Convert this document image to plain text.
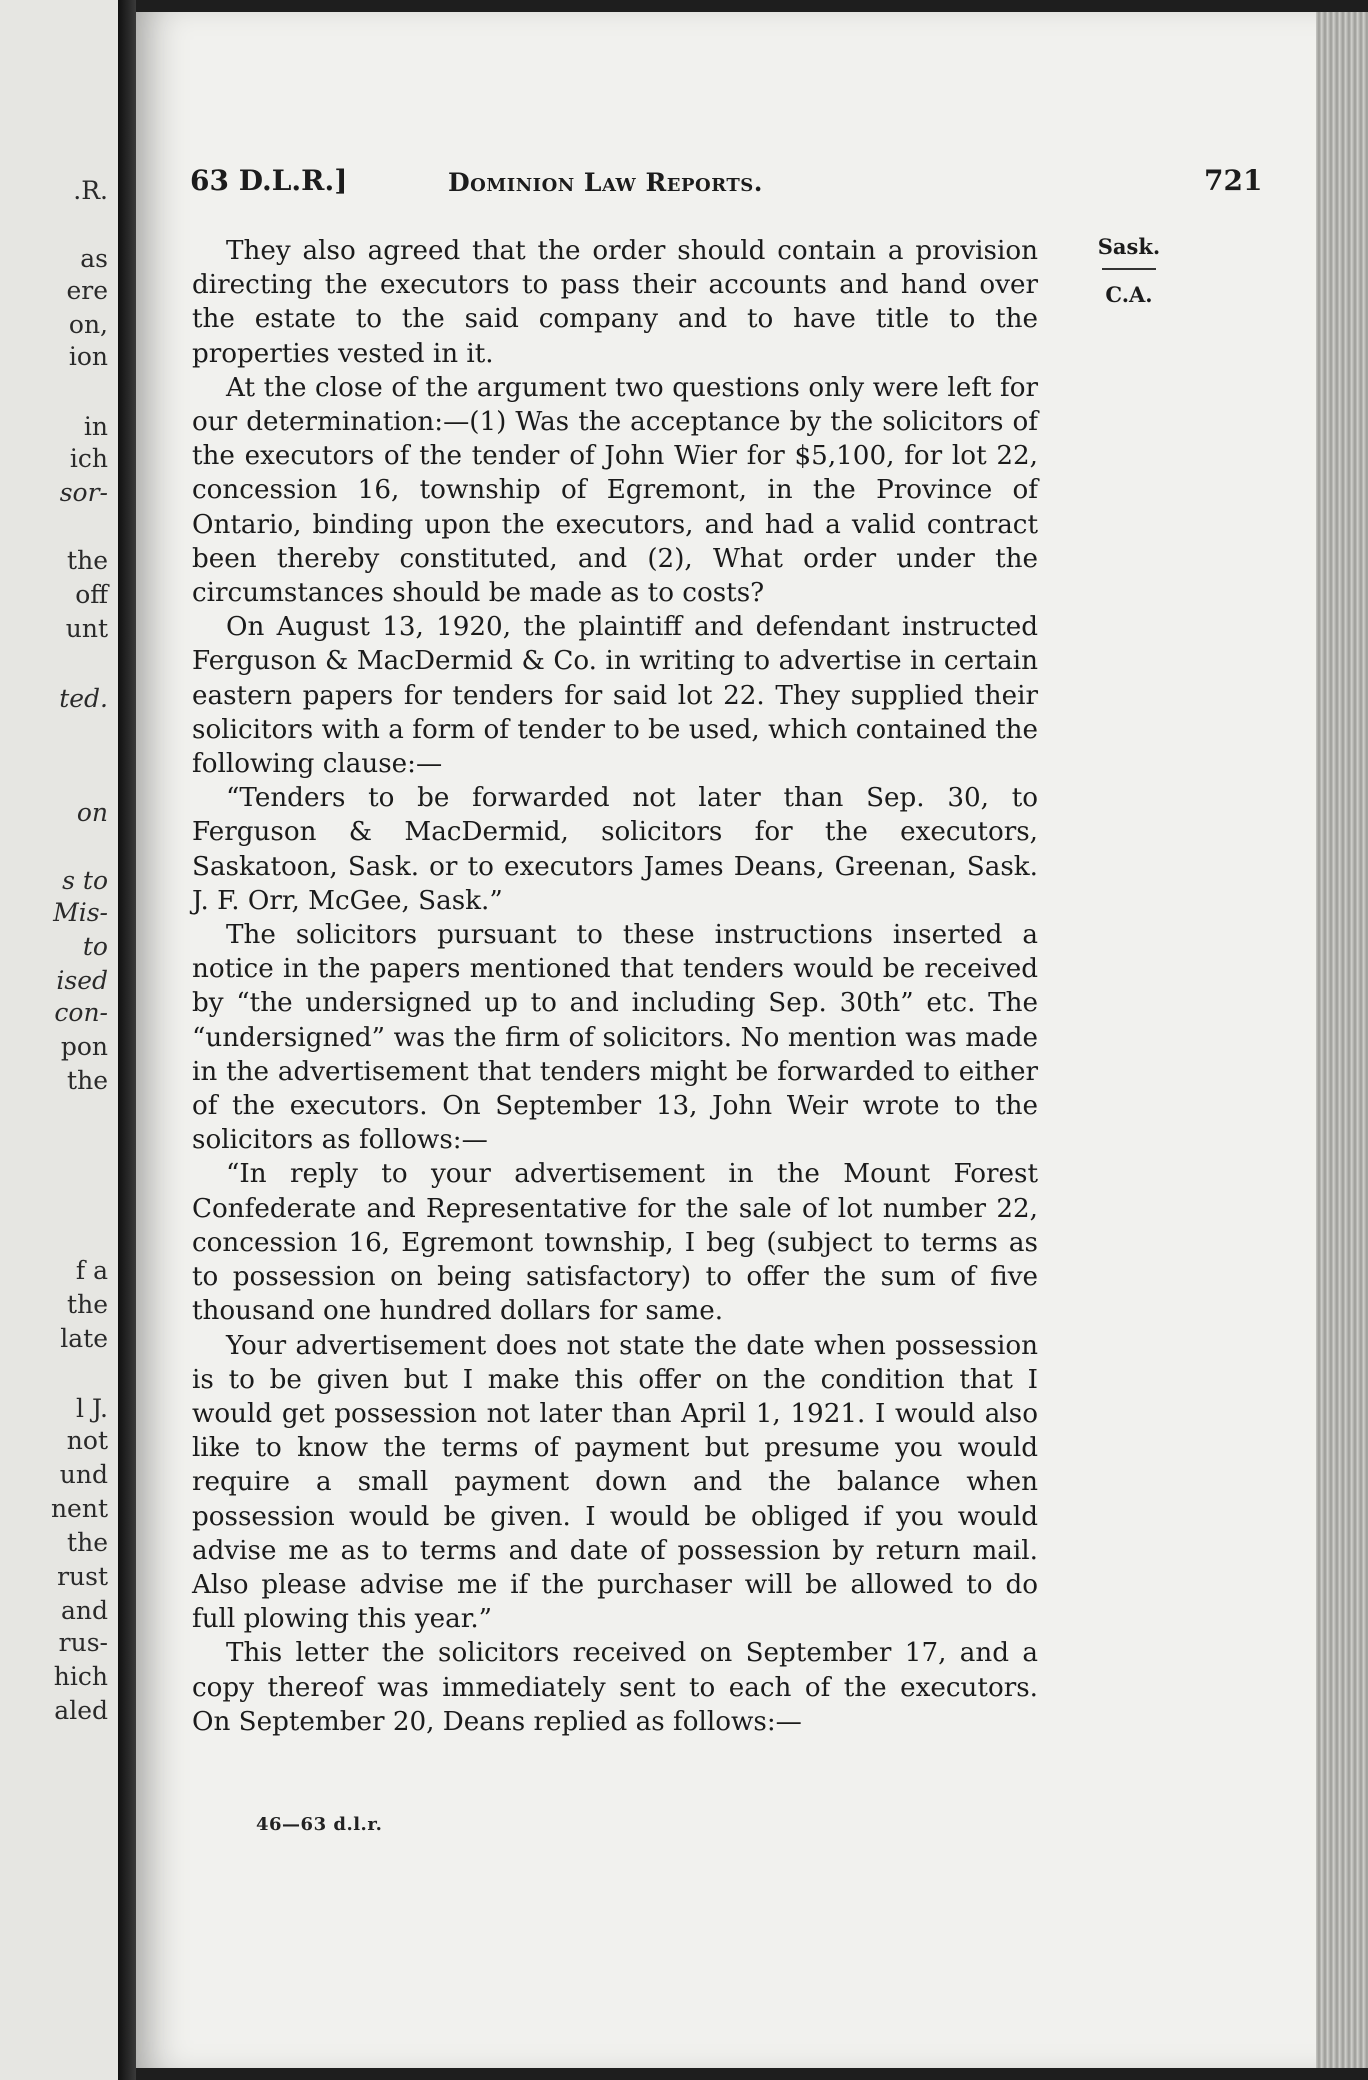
.R.
as
ere
on,
ion
in
ich
sor-
the
off
unt
ted.
on
s to
Mis-
to
ised
con-
pon
the
f a
the
late
l J.
not
und
nent
the
rust
and
rus-
hich
aled
63 D.L.R.]	Dominion Law Reports.	721
Sask.
C.A.

They also agreed that the order should contain a provision directing the executors to pass their accounts and hand over the estate to the said company and to have title to the properties vested in it.

At the close of the argument two questions only were left for our determination:—(1) Was the acceptance by the solicitors of the executors of the tender of John Wier for $5,100, for lot 22, concession 16, township of Egremont, in the Province of Ontario, binding upon the executors, and had a valid contract been thereby constituted, and (2), What order under the circumstances should be made as to costs?

On August 13, 1920, the plaintiff and defendant instructed Ferguson & MacDermid & Co. in writing to advertise in certain eastern papers for tenders for said lot 22. They supplied their solicitors with a form of tender to be used, which contained the following clause:—

“Tenders to be forwarded not later than Sep. 30, to Ferguson & MacDermid, solicitors for the executors, Saskatoon, Sask. or to executors James Deans, Greenan, Sask. J. F. Orr, McGee, Sask.”

The solicitors pursuant to these instructions inserted a notice in the papers mentioned that tenders would be received by “the undersigned up to and including Sep. 30th” etc. The “undersigned” was the firm of solicitors. No mention was made in the advertisement that tenders might be forwarded to either of the executors. On September 13, John Weir wrote to the solicitors as follows:—

“In reply to your advertisement in the Mount Forest Confederate and Representative for the sale of lot number 22, concession 16, Egremont township, I beg (subject to terms as to possession on being satisfactory) to offer the sum of five thousand one hundred dollars for same.

Your advertisement does not state the date when possession is to be given but I make this offer on the condition that I would get possession not later than April 1, 1921. I would also like to know the terms of payment but presume you would require a small payment down and the balance when possession would be given. I would be obliged if you would advise me as to terms and date of possession by return mail. Also please advise me if the purchaser will be allowed to do full plowing this year.”

This letter the solicitors received on September 17, and a copy thereof was immediately sent to each of the executors. On September 20, Deans replied as follows:—

46—63 d.l.r.
